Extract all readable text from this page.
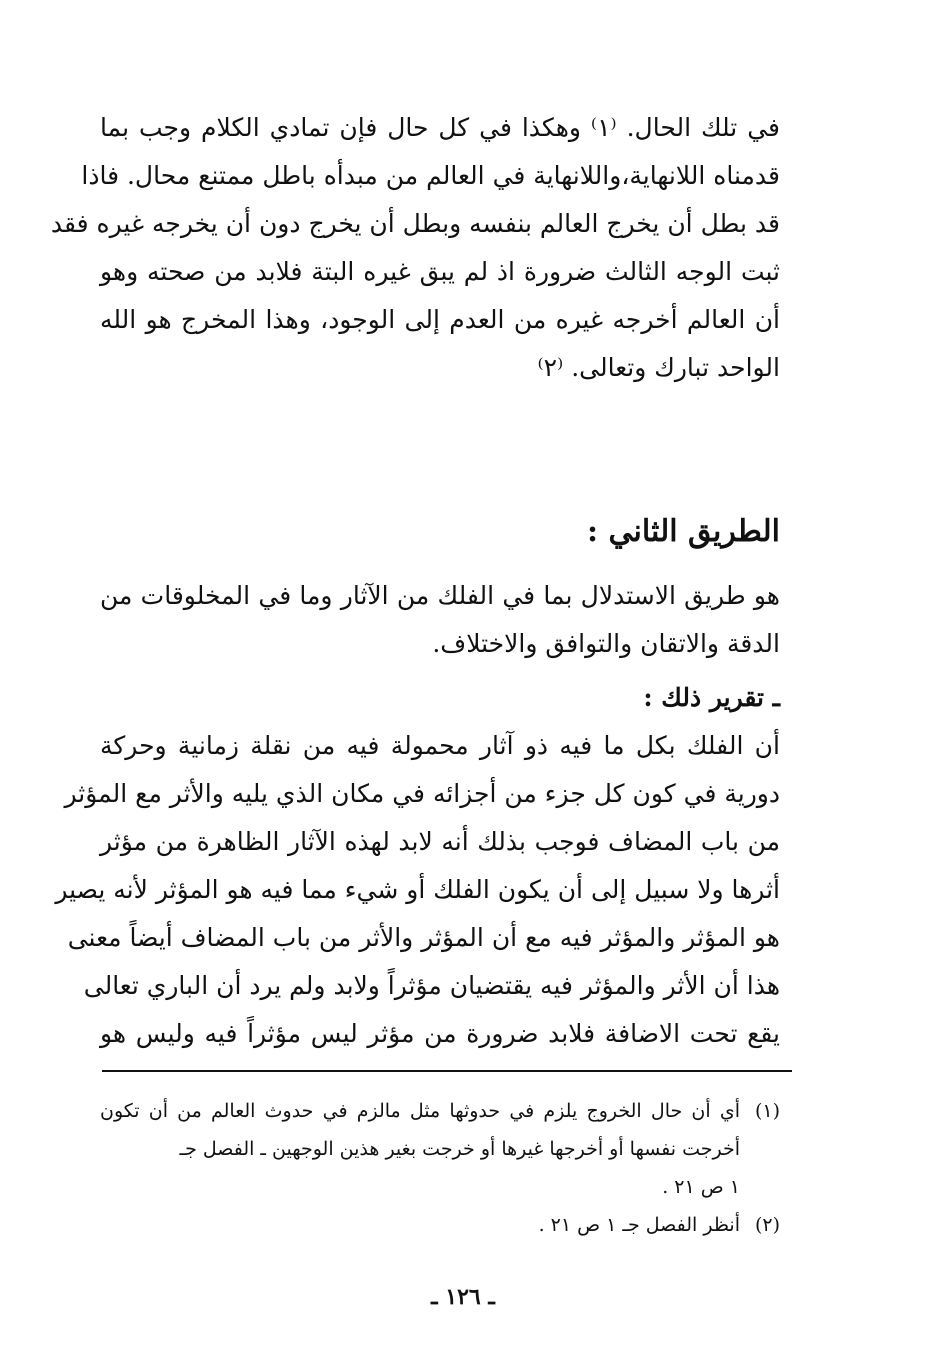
في تلك الحال. ⁽١⁾ وهكذا في كل حال فإن تمادي الكلام وجب بما
قدمناه اللانهاية،واللانهاية في العالم من مبدأه باطل ممتنع محال. فاذا
قد بطل أن يخرج العالم بنفسه وبطل أن يخرج دون أن يخرجه غيره فقد
ثبت الوجه الثالث ضرورة اذ لم يبق غيره البتة فلابد من صحته وهو
أن العالم أخرجه غيره من العدم إلى الوجود، وهذا المخرج هو الله
الواحد تبارك وتعالى. ⁽٢⁾
الطريق الثاني :
هو طريق الاستدلال بما في الفلك من الآثار وما في المخلوقات من
الدقة والاتقان والتوافق والاختلاف.
ـ تقرير ذلك :
أن الفلك بكل ما فيه ذو آثار محمولة فيه من نقلة زمانية وحركة
دورية في كون كل جزء من أجزائه في مكان الذي يليه والأثر مع المؤثر
من باب المضاف فوجب بذلك أنه لابد لهذه الآثار الظاهرة من مؤثر
أثرها ولا سبيل إلى أن يكون الفلك أو شيء مما فيه هو المؤثر لأنه يصير
هو المؤثر والمؤثر فيه مع أن المؤثر والأثر من باب المضاف أيضاً معنى
هذا أن الأثر والمؤثر فيه يقتضيان مؤثراً ولابد ولم يرد أن الباري تعالى
يقع تحت الاضافة فلابد ضرورة من مؤثر ليس مؤثراً فيه وليس هو
(١)أي أن حال الخروج يلزم في حدوثها مثل مالزم في حدوث العالم من أن تكون
أخرجت نفسها أو أخرجها غيرها أو خرجت بغير هذين الوجهين ـ الفصل جـ
١ ص ٢١ .
(٢)أنظر الفصل جـ ١ ص ٢١ .
ـ ١٢٦ ـ
